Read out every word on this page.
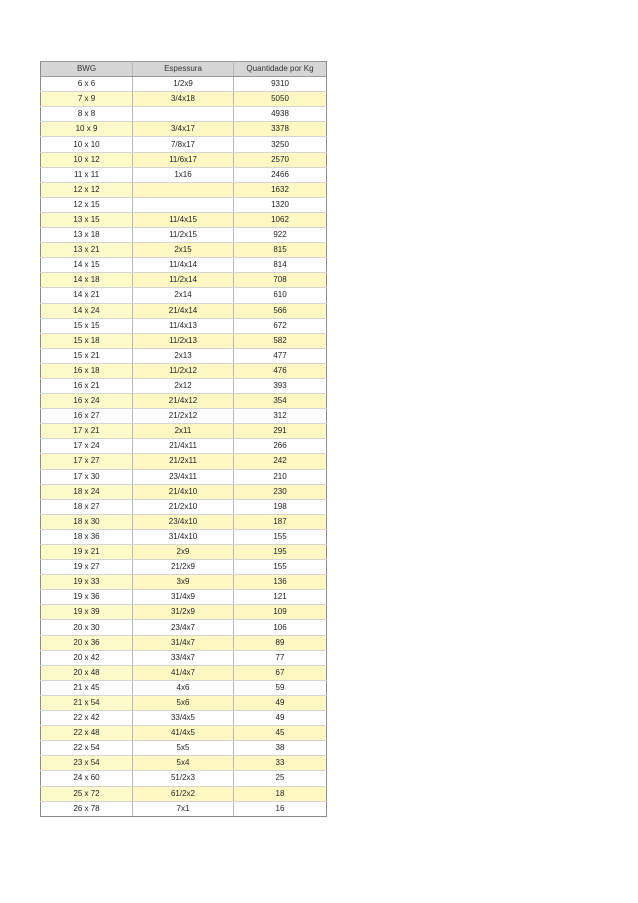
BWG	Espessura	Quantidade por Kg
6 x 6	1/2x9	9310
7 x 9	3/4x18	5050
8 x 8		4938
10 x 9	3/4x17	3378
10 x 10	7/8x17	3250
10 x 12	11/6x17	2570
11 x 11	1x16	2466
12 x 12		1632
12 x 15		1320
13 x 15	11/4x15	1062
13 x 18	11/2x15	922
13 x 21	2x15	815
14 x 15	11/4x14	814
14 x 18	11/2x14	708
14 x 21	2x14	610
14 x 24	21/4x14	566
15 x 15	11/4x13	672
15 x 18	11/2x13	582
15 x 21	2x13	477
16 x 18	11/2x12	476
16 x 21	2x12	393
16 x 24	21/4x12	354
16 x 27	21/2x12	312
17 x 21	2x11	291
17 x 24	21/4x11	266
17 x 27	21/2x11	242
17 x 30	23/4x11	210
18 x 24	21/4x10	230
18 x 27	21/2x10	198
18 x 30	23/4x10	187
18 x 36	31/4x10	155
19 x 21	2x9	195
19 x 27	21/2x9	155
19 x 33	3x9	136
19 x 36	31/4x9	121
19 x 39	31/2x9	109
20 x 30	23/4x7	106
20 x 36	31/4x7	89
20 x 42	33/4x7	77
20 x 48	41/4x7	67
21 x 45	4x6	59
21 x 54	5x6	49
22 x 42	33/4x5	49
22 x 48	41/4x5	45
22 x 54	5x5	38
23 x 54	5x4	33
24 x 60	51/2x3	25
25 x 72	61/2x2	18
26 x 78	7x1	16
